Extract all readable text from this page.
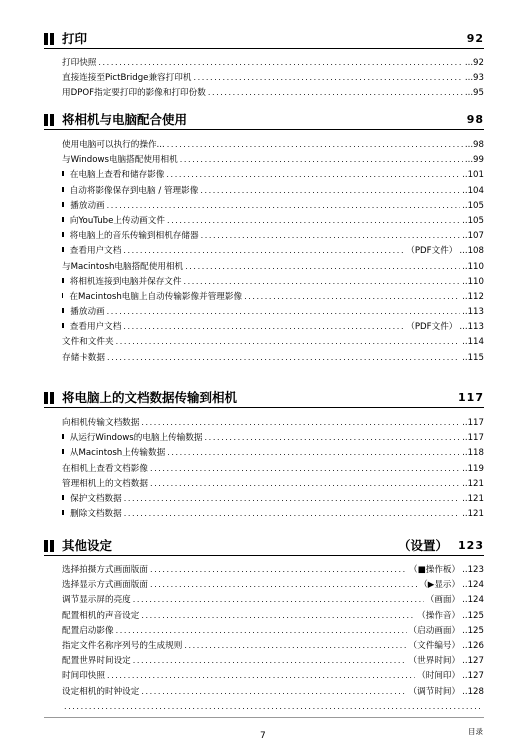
打印	92
打印快照 .....	...92
直接连接至PictBridge兼容打印机 .....	...93
用DPOF指定要打印的影像和打印份数 .....	...95
将相机与电脑配合使用	98
使用电脑可以执行的操作... .....	...98
与Windows电脑搭配使用相机 .....	...99
在电脑上查看和储存影像 .....	..101
自动将影像保存到电脑 / 管理影像 .....	..104
播放动画 .....	..105
向YouTube上传动画文件 .....	..105
将电脑上的音乐传输到相机存储器 .....	..107
查看用户文档 .....	（PDF文件） ...108
与Macintosh电脑搭配使用相机 .....	..110
将相机连接到电脑并保存文件 .....	..110
在Macintosh电脑上自动传输影像并管理影像 .....	..112
播放动画 .....	..113
查看用户文档 .....	（PDF文件） ...113
文件和文件夹 .....	..114
存储卡数据 .....	..115
将电脑上的文档数据传输到相机	117
向相机传输文档数据 .....	..117
从运行Windows的电脑上传输数据 .....	..117
从Macintosh上传输数据 .....	..118
在相机上查看文档影像 .....	..119
管理相机上的文档数据 .....	..121
保护文档数据 .....	..121
删除文档数据 .....	..121
其他设定	（设置） 123
选择拍摄方式画面版面 .....	（■操作板） ..123
选择显示方式画面版面 .....	（▶显示） ..124
调节显示屏的亮度 .....	（画面） ..124
配置相机的声音设定 .....	（操作音） ..125
配置启动影像 .....	（启动画面） ..125
指定文件名称序列号的生成规则 .....	（文件编号） ..126
配置世界时间设定 .....	（世界时间） ..127
时间印快照 .....	（时间印） ..127
设定相机的时钟设定 .....	（调节时间） ..128
.....
7	目录
